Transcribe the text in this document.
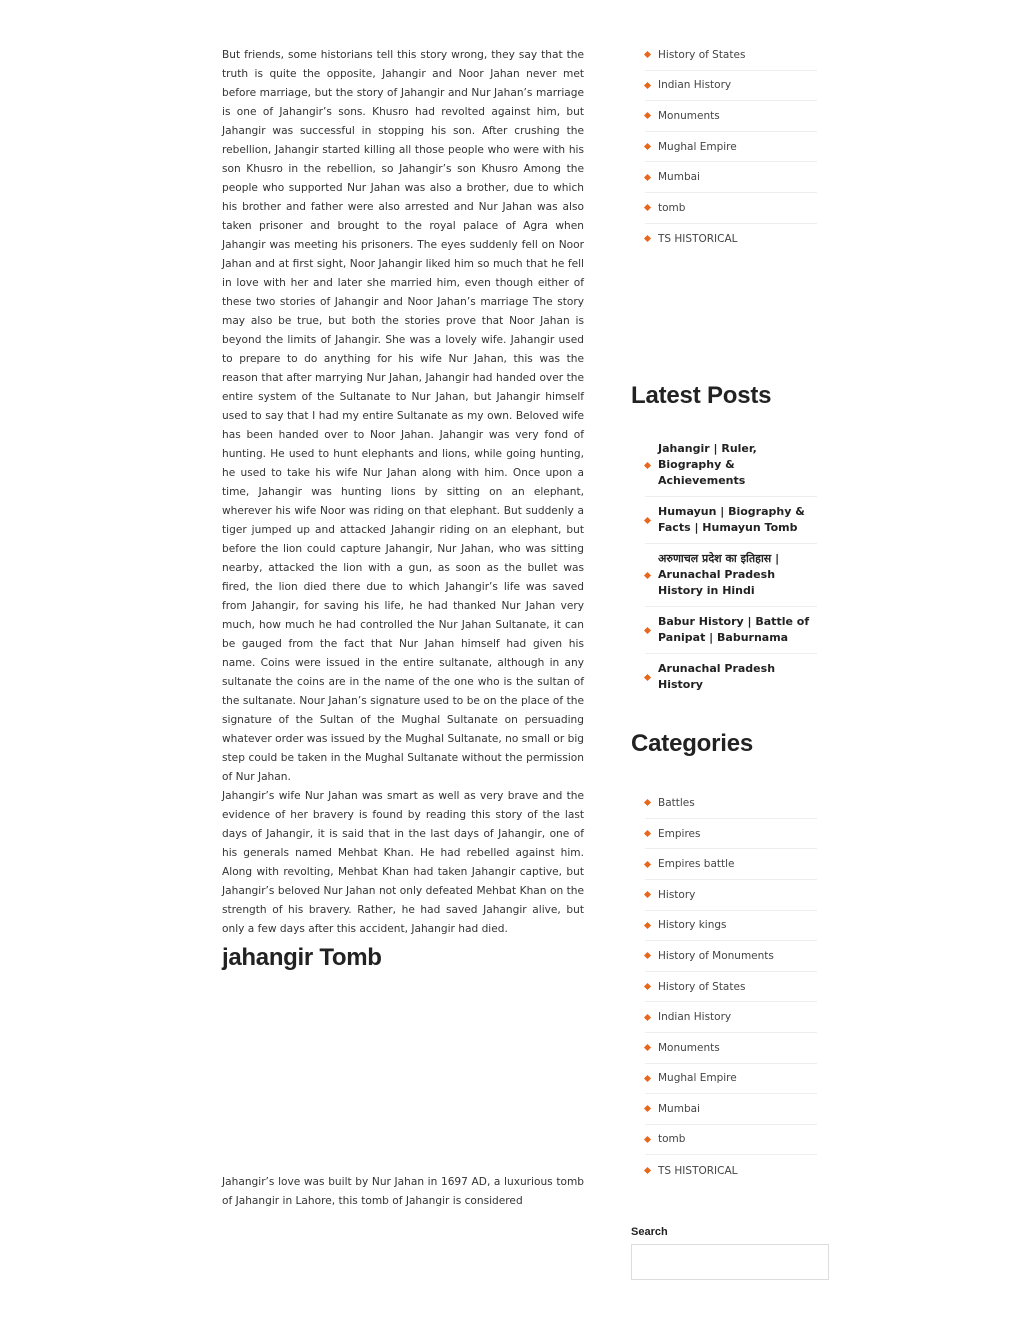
But friends, some historians tell this story wrong, they say that the truth is quite the opposite, Jahangir and Noor Jahan never met before marriage, but the story of Jahangir and Nur Jahan’s marriage is one of Jahangir’s sons. Khusro had revolted against him, but Jahangir was successful in stopping his son. After crushing the rebellion, Jahangir started killing all those people who were with his son Khusro in the rebellion, so Jahangir’s son Khusro Among the people who supported Nur Jahan was also a brother, due to which his brother and father were also arrested and Nur Jahan was also taken prisoner and brought to the royal palace of Agra when Jahangir was meeting his prisoners. The eyes suddenly fell on Noor Jahan and at first sight, Noor Jahangir liked him so much that he fell in love with her and later she married him, even though either of these two stories of Jahangir and Noor Jahan’s marriage The story may also be true, but both the stories prove that Noor Jahan is beyond the limits of Jahangir. She was a lovely wife. Jahangir used to prepare to do anything for his wife Nur Jahan, this was the reason that after marrying Nur Jahan, Jahangir had handed over the entire system of the Sultanate to Nur Jahan, but Jahangir himself used to say that I had my entire Sultanate as my own. Beloved wife has been handed over to Noor Jahan. Jahangir was very fond of hunting. He used to hunt elephants and lions, while going hunting, he used to take his wife Nur Jahan along with him. Once upon a time, Jahangir was hunting lions by sitting on an elephant, wherever his wife Noor was riding on that elephant. But suddenly a tiger jumped up and attacked Jahangir riding on an elephant, but before the lion could capture Jahangir, Nur Jahan, who was sitting nearby, attacked the lion with a gun, as soon as the bullet was fired, the lion died there due to which Jahangir’s life was saved from Jahangir, for saving his life, he had thanked Nur Jahan very much, how much he had controlled the Nur Jahan Sultanate, it can be gauged from the fact that Nur Jahan himself had given his name. Coins were issued in the entire sultanate, although in any sultanate the coins are in the name of the one who is the sultan of the sultanate. Nour Jahan’s signature used to be on the place of the signature of the Sultan of the Mughal Sultanate on persuading whatever order was issued by the Mughal Sultanate, no small or big step could be taken in the Mughal Sultanate without the permission of Nur Jahan.

Jahangir’s wife Nur Jahan was smart as well as very brave and the evidence of her bravery is found by reading this story of the last days of Jahangir, it is said that in the last days of Jahangir, one of his generals named Mehbat Khan. He had rebelled against him. Along with revolting, Mehbat Khan had taken Jahangir captive, but Jahangir’s beloved Nur Jahan not only defeated Mehbat Khan on the strength of his bravery. Rather, he had saved Jahangir alive, but only a few days after this accident, Jahangir had died.

jahangir Tomb

Jahangir’s love was built by Nur Jahan in 1697 AD, a luxurious tomb of Jahangir in Lahore, this tomb of Jahangir is considered

History of States
Indian History
Monuments
Mughal Empire
Mumbai
tomb
TS HISTORICAL
Latest Posts
Jahangir | Ruler, Biography & Achievements
Humayun | Biography & Facts | Humayun Tomb
अरुणाचल प्रदेश का इतिहास | Arunachal Pradesh History in Hindi
Babur History | Battle of Panipat | Baburnama
Arunachal Pradesh History
Categories
Battles
Empires
Empires battle
History
History kings
History of Monuments
History of States
Indian History
Monuments
Mughal Empire
Mumbai
tomb
TS HISTORICAL
Search
